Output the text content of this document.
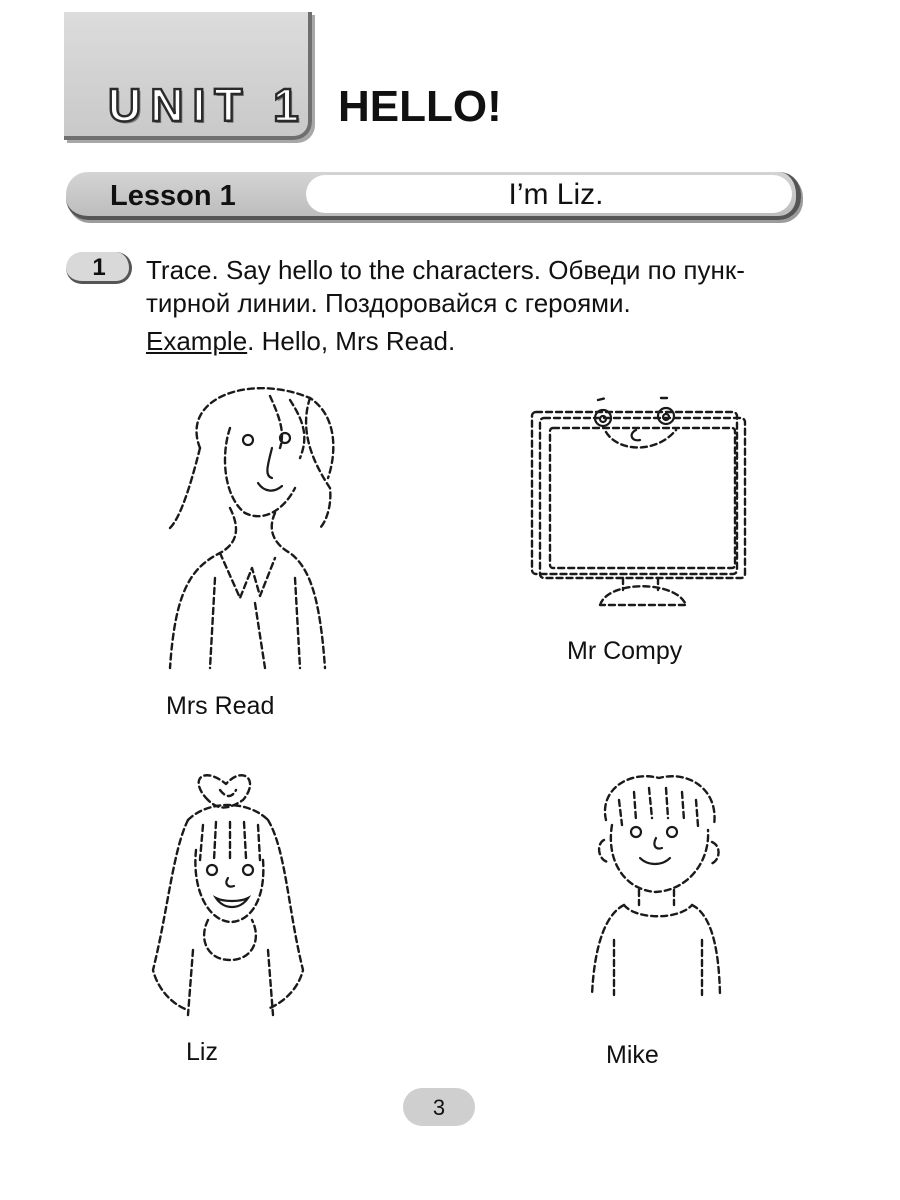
UNIT 1 HELLO!
Lesson 1	I’m Liz.
1	Trace. Say hello to the characters. Обведи по пунк-тирной линии. Поздоровайся с героями.
Example. Hello, Mrs Read.
Mrs Read
Mr Compy
Liz	Mike
3
